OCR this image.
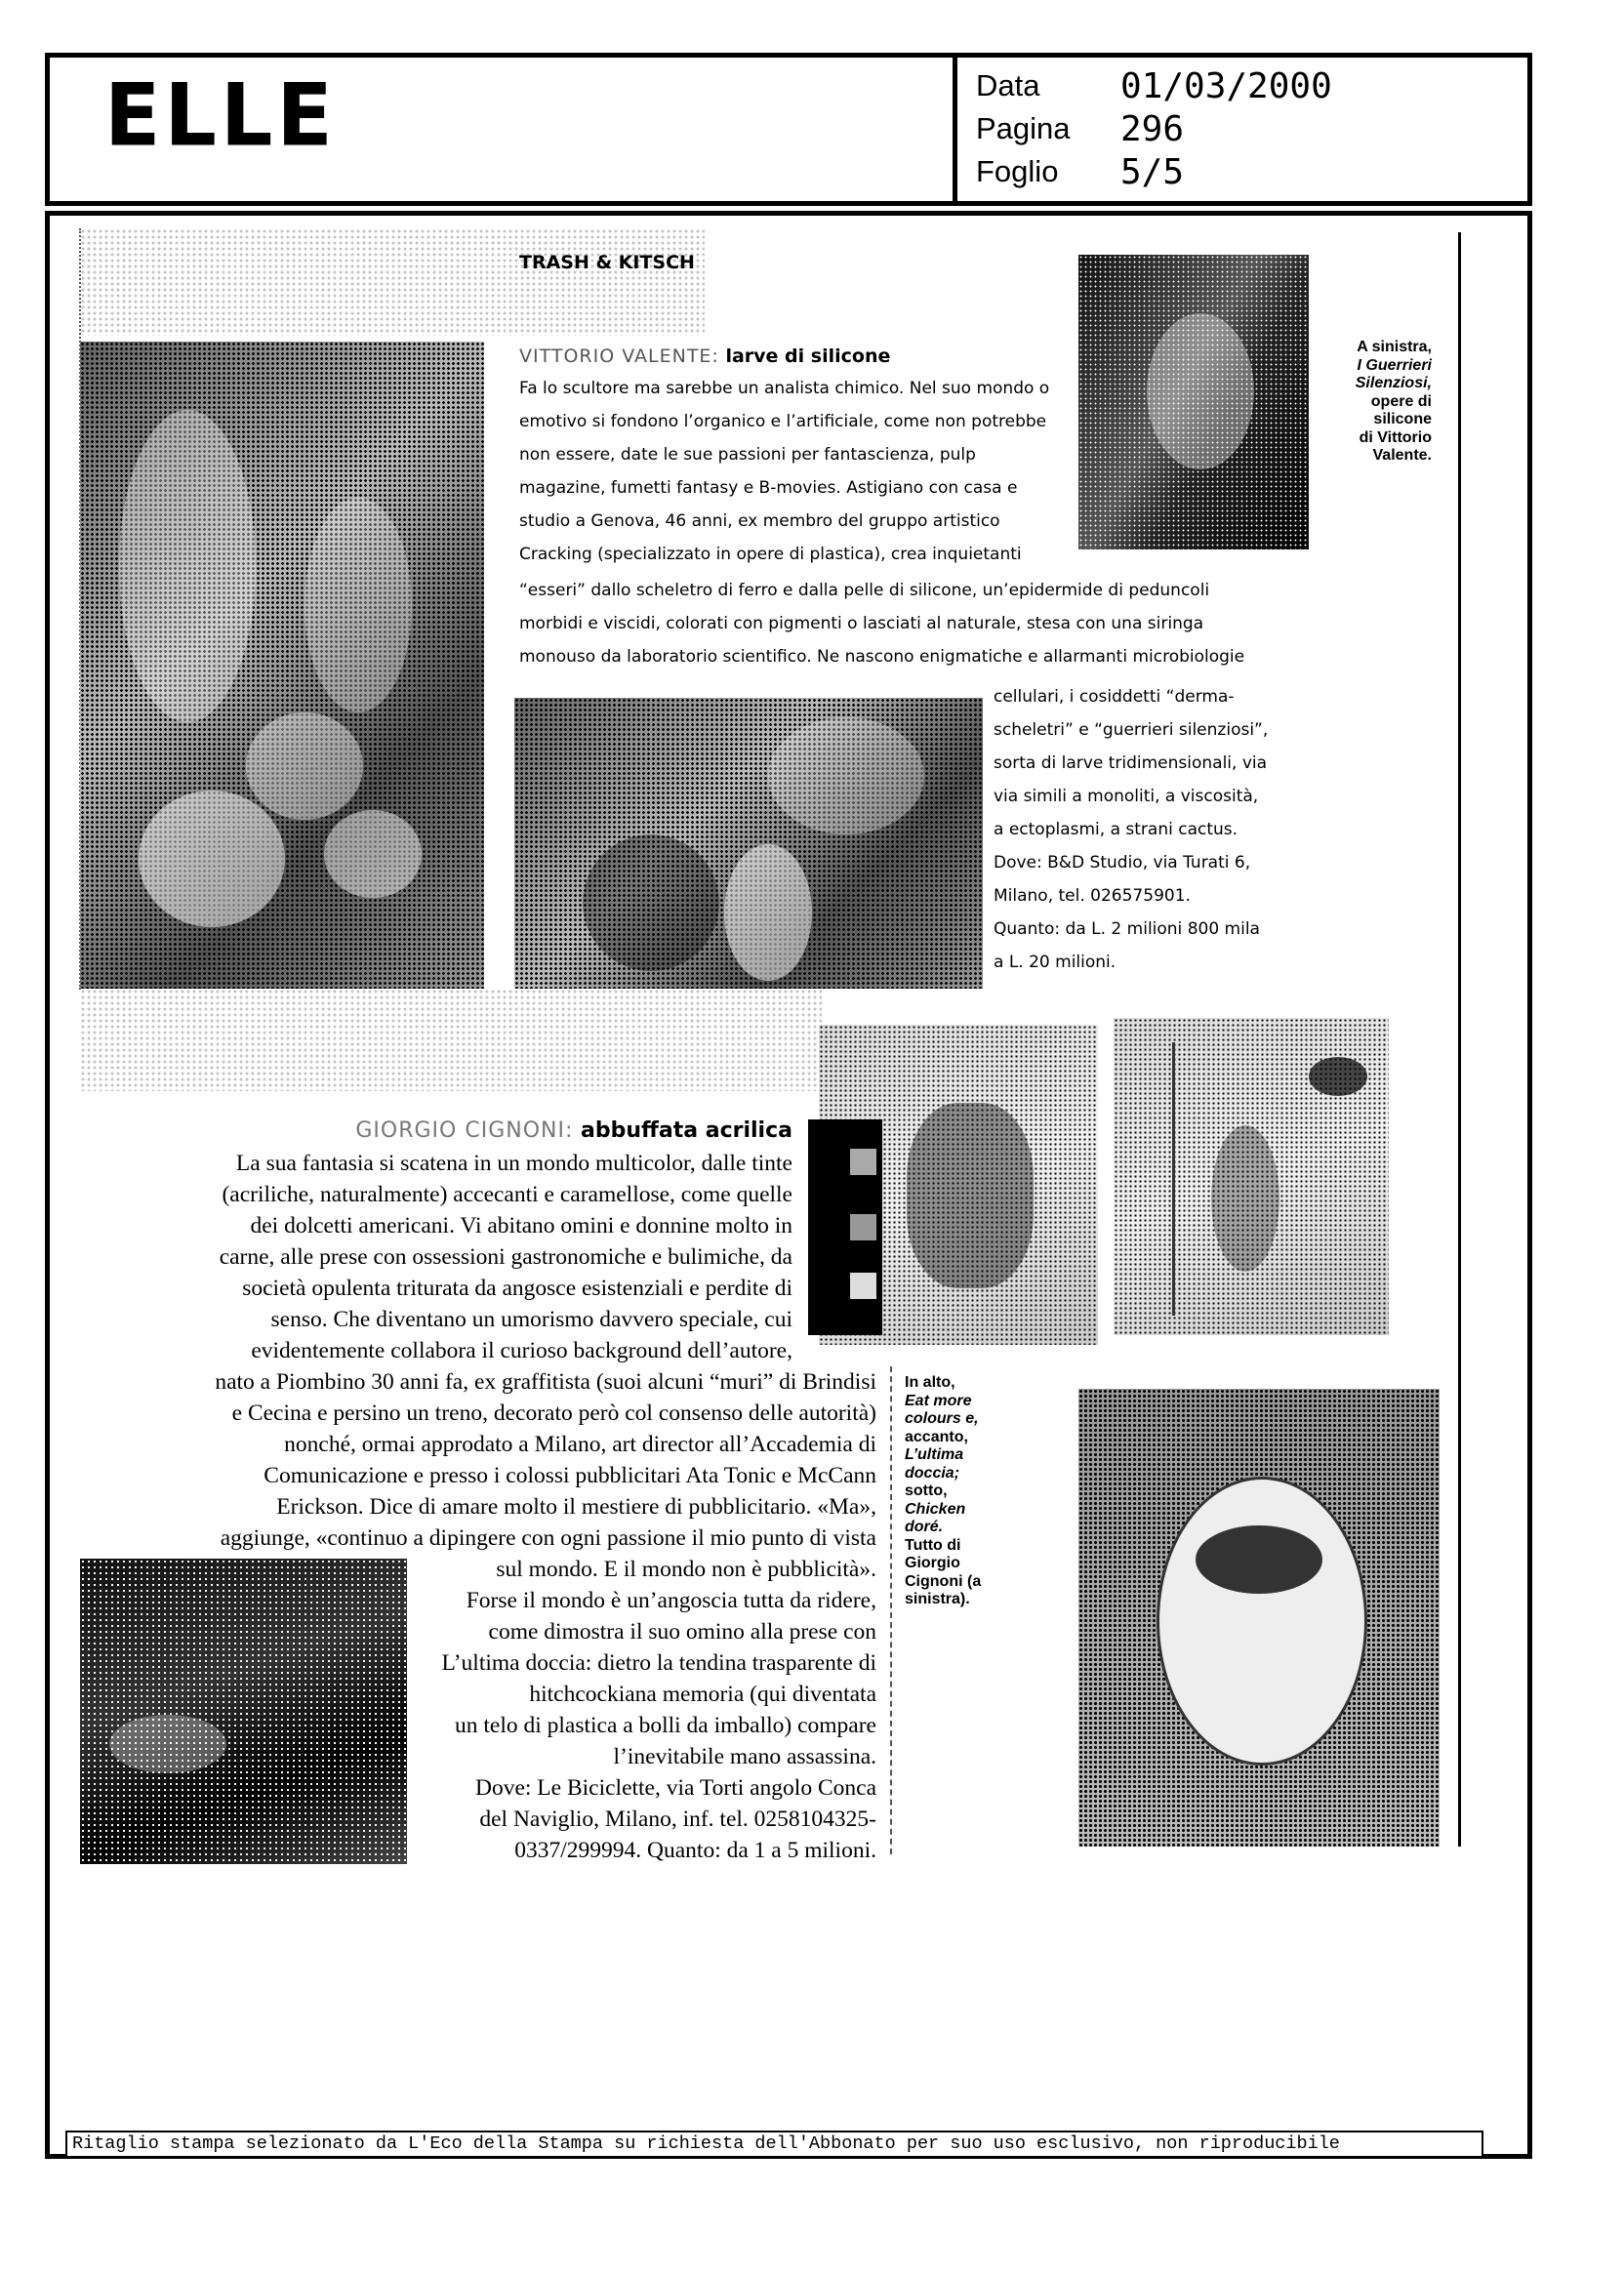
ELLE	Data	01/03/2000
Pagina	296
Foglio	5/5
TRASH & KITSCH
VITTORIO VALENTE: larve di silicone
Fa lo scultore ma sarebbe un analista chimico. Nel suo mondo o
emotivo si fondono l’organico e l’artificiale, come non potrebbe
non essere, date le sue passioni per fantascienza, pulp
magazine, fumetti fantasy e B-movies. Astigiano con casa e
studio a Genova, 46 anni, ex membro del gruppo artistico
Cracking (specializzato in opere di plastica), crea inquietanti
“esseri” dallo scheletro di ferro e dalla pelle di silicone, un’epidermide di peduncoli
morbidi e viscidi, colorati con pigmenti o lasciati al naturale, stesa con una siringa
monouso da laboratorio scientifico. Ne nascono enigmatiche e allarmanti microbiologie
cellulari, i cosiddetti “derma-
scheletri” e “guerrieri silenziosi”,
sorta di larve tridimensionali, via
via simili a monoliti, a viscosità,
a ectoplasmi, a strani cactus.
Dove: B&D Studio, via Turati 6,
Milano, tel. 026575901.
Quanto: da L. 2 milioni 800 mila
a L. 20 milioni.
A sinistra,
I Guerrieri
Silenziosi,
opere di
silicone
di Vittorio
Valente.
GIORGIO CIGNONI: abbuffata acrilica
La sua fantasia si scatena in un mondo multicolor, dalle tinte
(acriliche, naturalmente) accecanti e caramellose, come quelle
dei dolcetti americani. Vi abitano omini e donnine molto in
carne, alle prese con ossessioni gastronomiche e bulimiche, da
società opulenta triturata da angosce esistenziali e perdite di
senso. Che diventano un umorismo davvero speciale, cui
evidentemente collabora il curioso background dell’autore,
nato a Piombino 30 anni fa, ex graffitista (suoi alcuni “muri” di Brindisi
e Cecina e persino un treno, decorato però col consenso delle autorità)
nonché, ormai approdato a Milano, art director all’Accademia di
Comunicazione e presso i colossi pubblicitari Ata Tonic e McCann
Erickson. Dice di amare molto il mestiere di pubblicitario. «Ma»,
aggiunge, «continuo a dipingere con ogni passione il mio punto di vista
sul mondo. E il mondo non è pubblicità».
Forse il mondo è un’angoscia tutta da ridere,
come dimostra il suo omino alla prese con
L’ultima doccia: dietro la tendina trasparente di
hitchcockiana memoria (qui diventata
un telo di plastica a bolli da imballo) compare
l’inevitabile mano assassina.
Dove: Le Biciclette, via Torti angolo Conca
del Naviglio, Milano, inf. tel. 0258104325-
0337/299994. Quanto: da 1 a 5 milioni.
In alto,
Eat more
colours e,
accanto,
L’ultima
doccia;
sotto,
Chicken
doré.
Tutto di
Giorgio
Cignoni (a
sinistra).
Ritaglio stampa selezionato da L'Eco della Stampa su richiesta dell'Abbonato per suo uso esclusivo, non riproducibile
